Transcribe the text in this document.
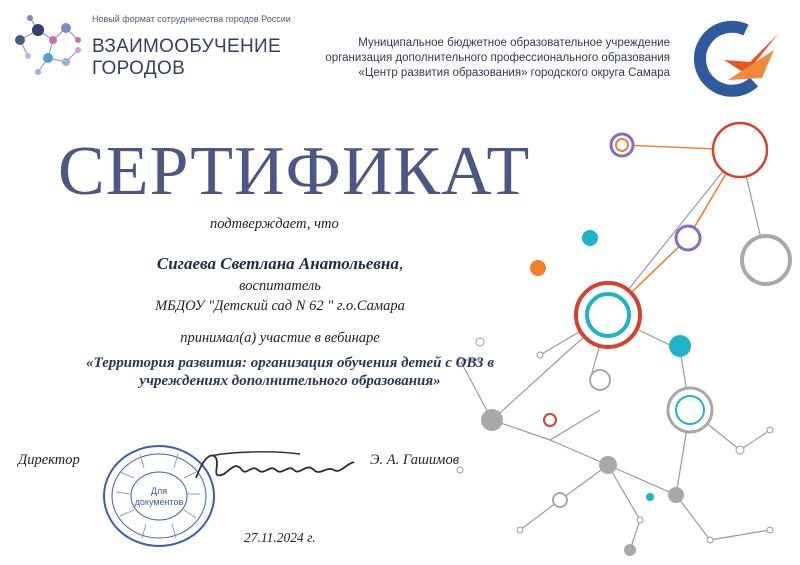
Новый формат сотрудничества городов России
ВЗАИМООБУЧЕНИЕ
ГОРОДОВ
Муниципальное бюджетное образовательное учреждение
организация дополнительного профессионального образования
«Центр развития образования» городского округа Самара
СЕРТИФИКАТ
подтверждает, что
Сигаева Светлана Анатольевна,
воспитатель
МБДОУ "Детский сад N 62 " г.о.Самара
принимал(а) участие в вебинаре
«Территория развития: организация обучения детей с ОВЗ в
учреждениях дополнительного образования»
Директор
Для
документов
Э. А. Гашимов
27.11.2024 г.
